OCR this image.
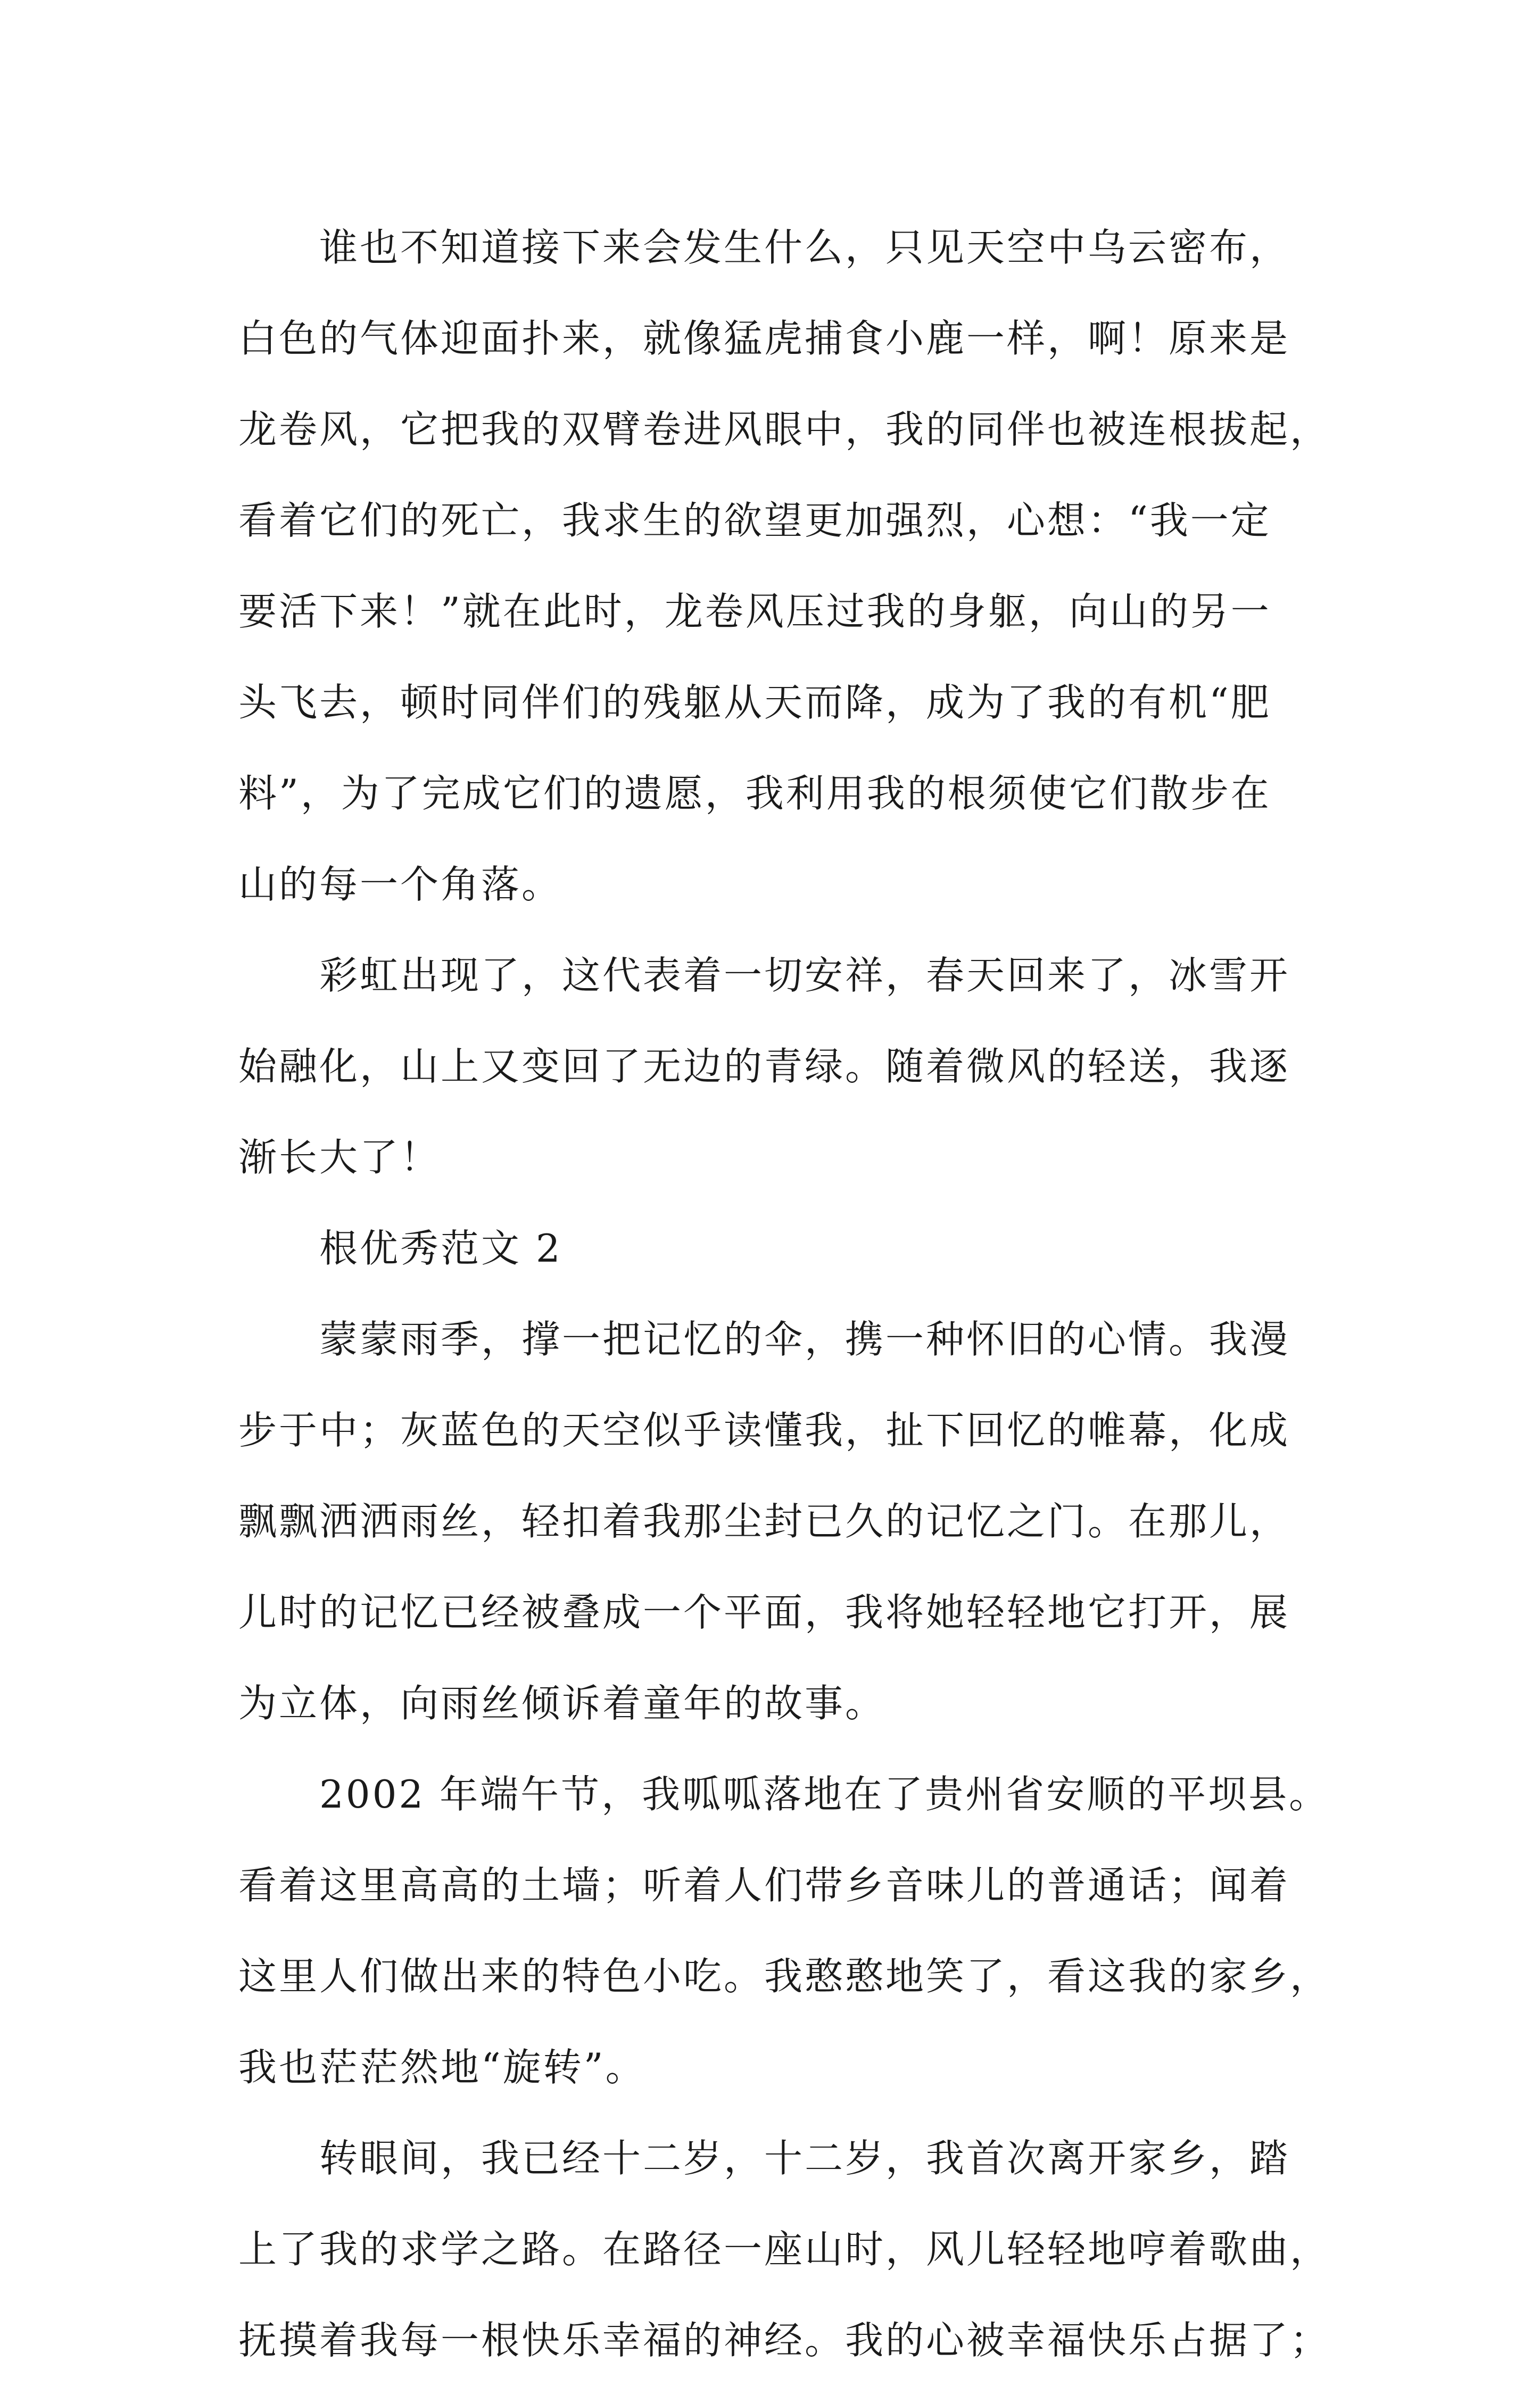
谁也不知道接下来会发生什么，只见天空中乌云密布，
白色的气体迎面扑来，就像猛虎捕食小鹿一样，啊！原来是
龙卷风，它把我的双臂卷进风眼中，我的同伴也被连根拔起，
看着它们的死亡，我求生的欲望更加强烈，心想：“我一定
要活下来！”就在此时，龙卷风压过我的身躯，向山的另一
头飞去，顿时同伴们的残躯从天而降，成为了我的有机“肥
料”，为了完成它们的遗愿，我利用我的根须使它们散步在
山的每一个角落。
彩虹出现了，这代表着一切安祥，春天回来了，冰雪开
始融化，山上又变回了无边的青绿。随着微风的轻送，我逐
渐长大了！
根优秀范文 2
蒙蒙雨季，撑一把记忆的伞，携一种怀旧的心情。我漫
步于中；灰蓝色的天空似乎读懂我，扯下回忆的帷幕，化成
飘飘洒洒雨丝，轻扣着我那尘封已久的记忆之门。在那儿，
儿时的记忆已经被叠成一个平面，我将她轻轻地它打开，展
为立体，向雨丝倾诉着童年的故事。
2002 年端午节，我呱呱落地在了贵州省安顺的平坝县。
看着这里高高的土墙；听着人们带乡音味儿的普通话；闻着
这里人们做出来的特色小吃。我憨憨地笑了，看这我的家乡，
我也茫茫然地“旋转”。
转眼间，我已经十二岁，十二岁，我首次离开家乡，踏
上了我的求学之路。在路径一座山时，风儿轻轻地哼着歌曲，
抚摸着我每一根快乐幸福的神经。我的心被幸福快乐占据了；
